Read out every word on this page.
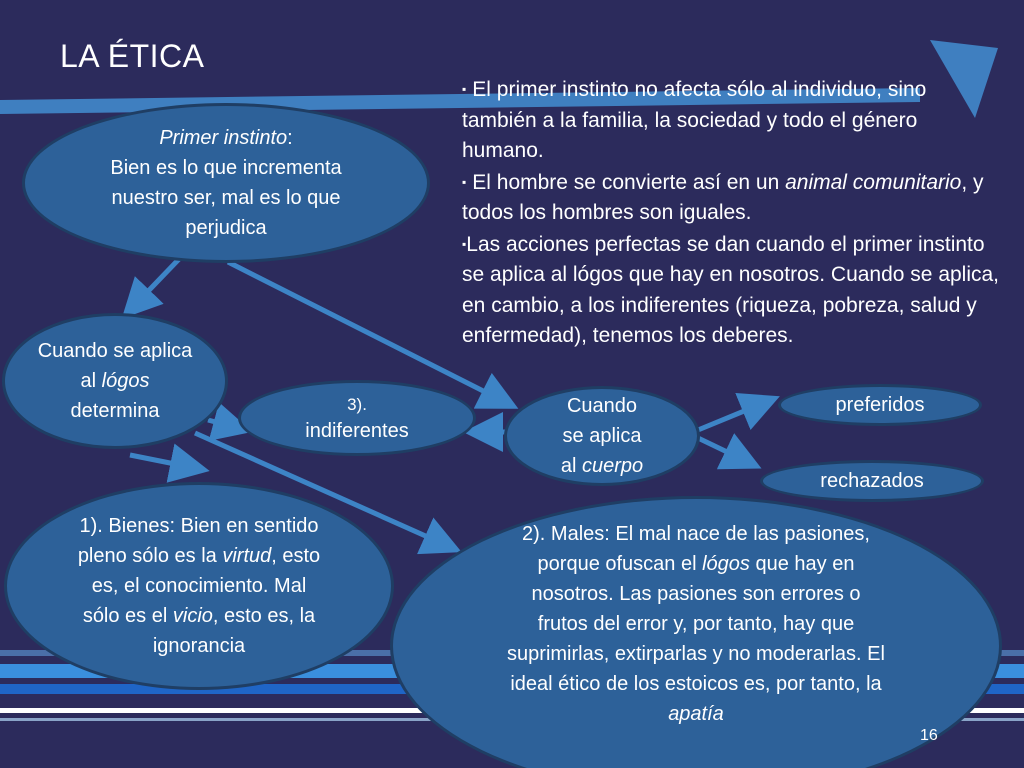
LA ÉTICA

▪ El primer instinto no afecta sólo al individuo, sino también a la familia, la sociedad y todo el género humano.

▪ El hombre se convierte así en un animal comunitario, y todos los hombres son iguales.

▪Las acciones perfectas se dan cuando el primer instinto se aplica al lógos que hay en nosotros. Cuando se aplica, en cambio, a los indiferentes (riqueza, pobreza, salud y enfermedad), tenemos los deberes.

Primer instinto:
Bien es lo que incrementa nuestro ser, mal es lo que perjudica
Cuando se aplica al lógos determina	3).
indiferentes
Cuando se aplica al cuerpo
preferidos
rechazados
1). Bienes: Bien en sentido pleno sólo es la virtud, esto es, el conocimiento. Mal sólo es el vicio, esto es, la ignorancia
2). Males: El mal nace de las pasiones, porque ofuscan el lógos que hay en nosotros. Las pasiones son errores o frutos del error y, por tanto, hay que suprimirlas, extirparlas y no moderarlas. El ideal ético de los estoicos es, por tanto, la apatía
16
